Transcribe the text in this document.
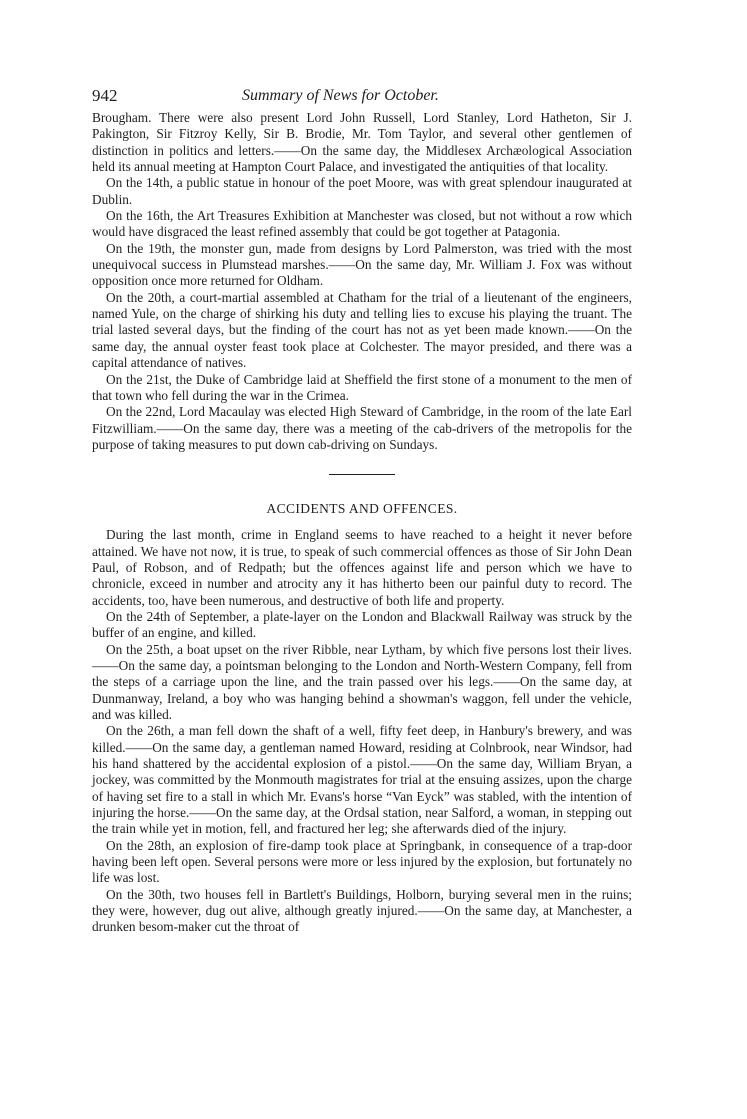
942	Summary of News for October.

Brougham. There were also present Lord John Russell, Lord Stanley, Lord Hatheton, Sir J. Pakington, Sir Fitzroy Kelly, Sir B. Brodie, Mr. Tom Taylor, and several other gentlemen of distinction in politics and letters.——On the same day, the Middlesex Archæological Association held its annual meeting at Hampton Court Palace, and investigated the antiquities of that locality.

On the 14th, a public statue in honour of the poet Moore, was with great splendour inaugurated at Dublin.

On the 16th, the Art Treasures Exhibition at Manchester was closed, but not without a row which would have disgraced the least refined assembly that could be got together at Patagonia.

On the 19th, the monster gun, made from designs by Lord Palmerston, was tried with the most unequivocal success in Plumstead marshes.——On the same day, Mr. William J. Fox was without opposition once more returned for Oldham.

On the 20th, a court-martial assembled at Chatham for the trial of a lieutenant of the engineers, named Yule, on the charge of shirking his duty and telling lies to excuse his playing the truant. The trial lasted several days, but the finding of the court has not as yet been made known.——On the same day, the annual oyster feast took place at Colchester. The mayor presided, and there was a capital attendance of natives.

On the 21st, the Duke of Cambridge laid at Sheffield the first stone of a monument to the men of that town who fell during the war in the Crimea.

On the 22nd, Lord Macaulay was elected High Steward of Cambridge, in the room of the late Earl Fitzwilliam.——On the same day, there was a meeting of the cab-drivers of the metropolis for the purpose of taking measures to put down cab-driving on Sundays.

ACCIDENTS AND OFFENCES.

During the last month, crime in England seems to have reached to a height it never before attained. We have not now, it is true, to speak of such commercial offences as those of Sir John Dean Paul, of Robson, and of Redpath; but the offences against life and person which we have to chronicle, exceed in number and atrocity any it has hitherto been our painful duty to record. The accidents, too, have been numerous, and destructive of both life and property.

On the 24th of September, a plate-layer on the London and Blackwall Railway was struck by the buffer of an engine, and killed.

On the 25th, a boat upset on the river Ribble, near Lytham, by which five persons lost their lives.——On the same day, a pointsman belonging to the London and North-Western Company, fell from the steps of a carriage upon the line, and the train passed over his legs.——On the same day, at Dunmanway, Ireland, a boy who was hanging behind a showman's waggon, fell under the vehicle, and was killed.

On the 26th, a man fell down the shaft of a well, fifty feet deep, in Hanbury's brewery, and was killed.——On the same day, a gentleman named Howard, residing at Colnbrook, near Windsor, had his hand shattered by the accidental explosion of a pistol.——On the same day, William Bryan, a jockey, was committed by the Monmouth magistrates for trial at the ensuing assizes, upon the charge of having set fire to a stall in which Mr. Evans's horse “Van Eyck” was stabled, with the intention of injuring the horse.——On the same day, at the Ordsal station, near Salford, a woman, in stepping out the train while yet in motion, fell, and fractured her leg; she afterwards died of the injury.

On the 28th, an explosion of fire-damp took place at Springbank, in consequence of a trap-door having been left open. Several persons were more or less injured by the explosion, but fortunately no life was lost.

On the 30th, two houses fell in Bartlett's Buildings, Holborn, burying several men in the ruins; they were, however, dug out alive, although greatly injured.——On the same day, at Manchester, a drunken besom-maker cut the throat of
